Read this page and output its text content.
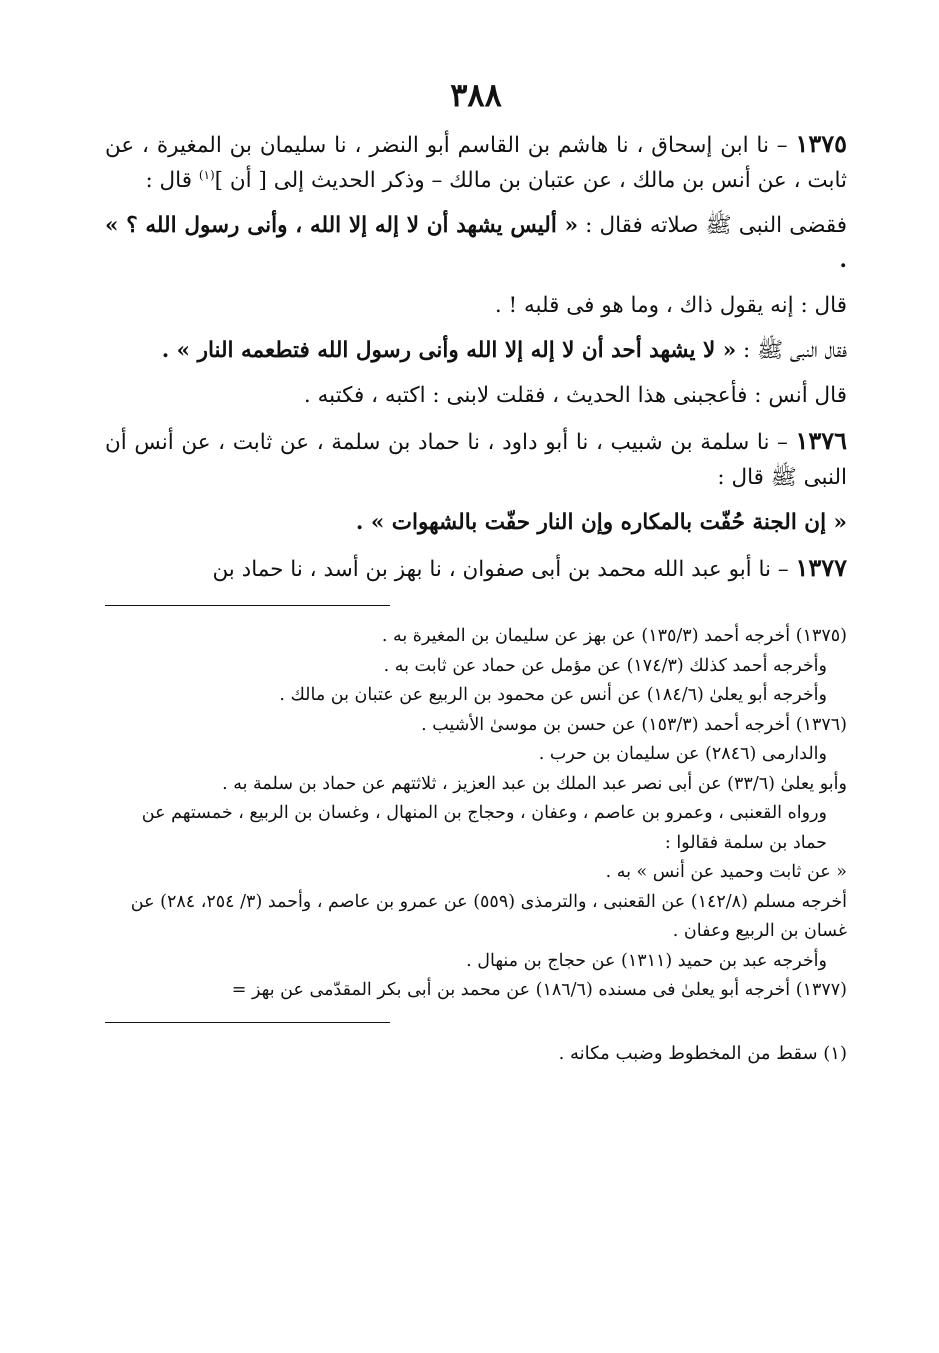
٣٨٨

١٣٧٥ – نا ابن إسحاق ، نا هاشم بن القاسم أبو النضر ، نا سليمان بن المغيرة ، عن ثابت ، عن أنس بن مالك ، عن عتبان بن مالك – وذكر الحديث إلى [ أن ]$^{(١)}$ قال :

فقضى النبى ﷺ صلاته فقال : « أليس يشهد أن لا إله إلا الله ، وأنى رسول الله ؟ » .

قال : إنه يقول ذاك ، وما هو فى قلبه ! .

فقال النبى ﷺ : « لا يشهد أحد أن لا إله إلا الله وأنى رسول الله فتطعمه النار » .

قال أنس : فأعجبنى هذا الحديث ، فقلت لابنى : اكتبه ، فكتبه .

١٣٧٦ – نا سلمة بن شبيب ، نا أبو داود ، نا حماد بن سلمة ، عن ثابت ، عن أنس أن النبى ﷺ قال :

« إن الجنة حُفّت بالمكاره وإن النار حفّت بالشهوات » .

١٣٧٧ – نا أبو عبد الله محمد بن أبى صفوان ، نا بهز بن أسد ، نا حماد بن

(١٣٧٥) أخرجه أحمد (١٣٥/٣) عن بهز عن سليمان بن المغيرة به .

وأخرجه أحمد كذلك (١٧٤/٣) عن مؤمل عن حماد عن ثابت به .

وأخرجه أبو يعلىٰ (١٨٤/٦) عن أنس عن محمود بن الربيع عن عتبان بن مالك .

(١٣٧٦) أخرجه أحمد (١٥٣/٣) عن حسن بن موسىٰ الأشيب .

والدارمى (٢٨٤٦) عن سليمان بن حرب .

وأبو يعلىٰ (٣٣/٦) عن أبى نصر عبد الملك بن عبد العزيز ، ثلاثتهم عن حماد بن سلمة به .

ورواه القعنبى ، وعمرو بن عاصم ، وعفان ، وحجاج بن المنهال ، وغسان بن الربيع ، خمستهم عن حماد بن سلمة فقالوا :

« عن ثابت وحميد عن أنس » به .

أخرجه مسلم (١٤٢/٨) عن القعنبى ، والترمذى (٥٥٩) عن عمرو بن عاصم ، وأحمد (٣/ ٢٥٤، ٢٨٤) عن غسان بن الربيع وعفان .

وأخرجه عبد بن حميد (١٣١١) عن حجاج بن منهال .

(١٣٧٧) أخرجه أبو يعلىٰ فى مسنده (١٨٦/٦) عن محمد بن أبى بكر المقدّمى عن بهز =

(١) سقط من المخطوط وضبب مكانه .
